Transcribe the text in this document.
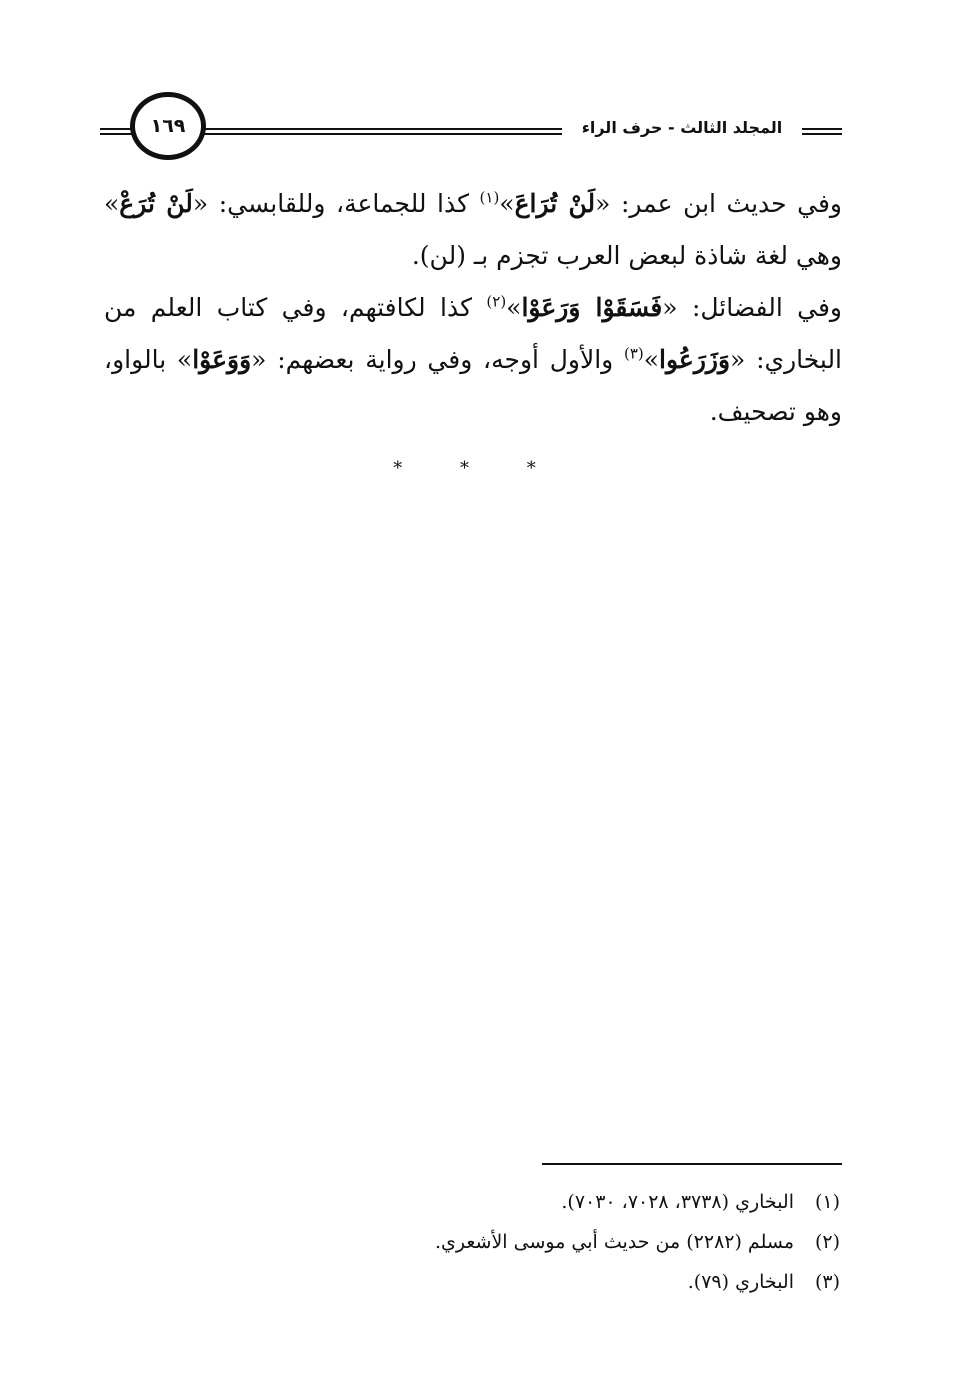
١٦٩	المجلد الثالث - حرف الراء

وفي حديث ابن عمر: «لَنْ تُرَاعَ»$^{(١)}$ كذا للجماعة، وللقابسي: «لَنْ تُرَعْ» وهي لغة شاذة لبعض العرب تجزم بـ (لن).

وفي الفضائل: «فَسَقَوْا وَرَعَوْا»$^{(٢)}$ كذا لكافتهم، وفي كتاب العلم من البخاري: «وَزَرَعُوا»$^{(٣)}$ والأول أوجه، وفي رواية بعضهم: «وَوَعَوْا» بالواو، وهو تصحيف.

* * *
(١)
البخاري (٣٧٣٨، ٧٠٢٨، ٧٠٣٠).
(٢)
مسلم (٢٢٨٢) من حديث أبي موسى الأشعري.
(٣)
البخاري (٧٩).
